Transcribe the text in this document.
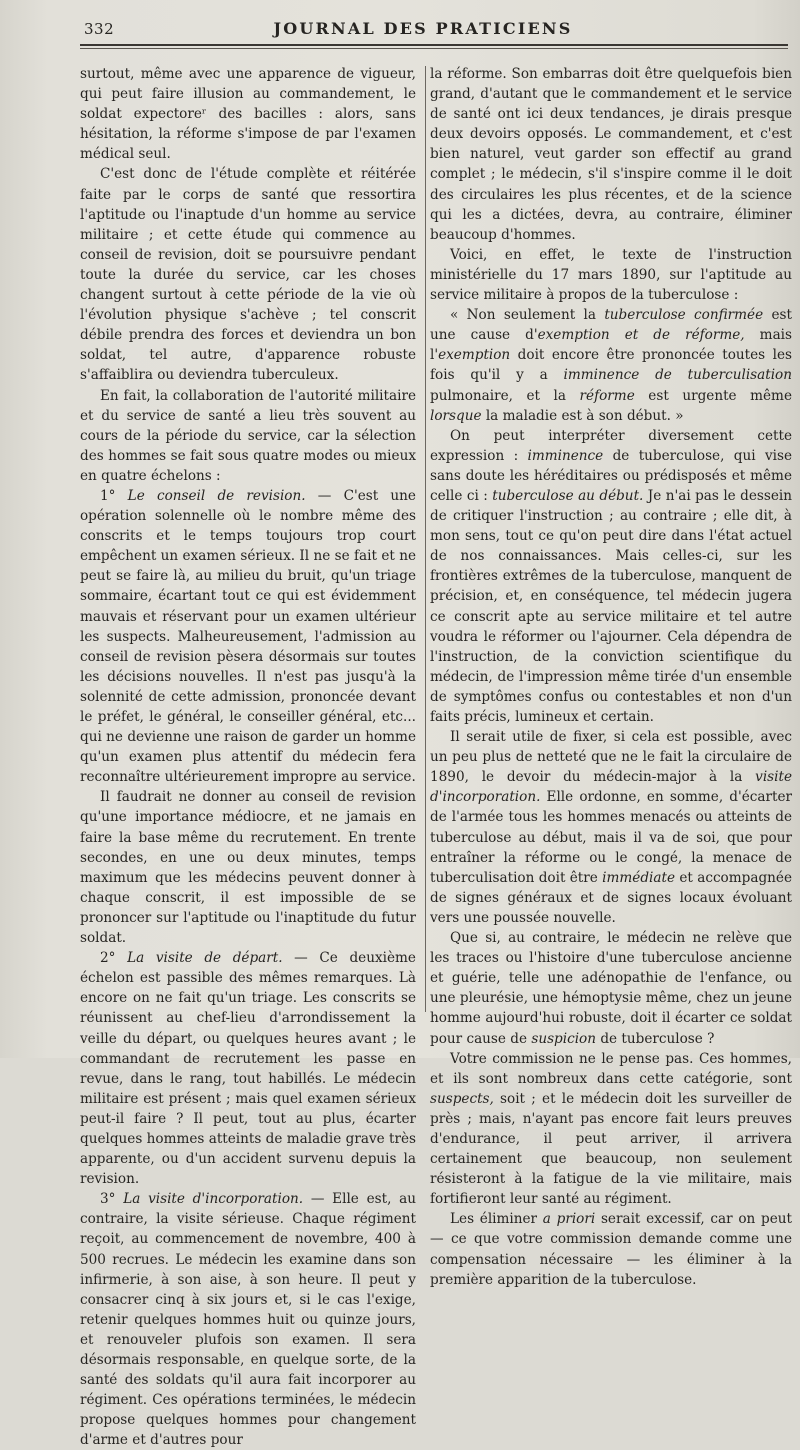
332	JOURNAL DES PRATICIENS

surtout, même avec une apparence de vigueur, qui peut faire illusion au commandement, le soldat expectoreʳ des bacilles : alors, sans hésitation, la réforme s'impose de par l'examen médical seul.

C'est donc de l'étude complète et réitérée faite par le corps de santé que ressortira l'aptitude ou l'inaptude d'un homme au service militaire ; et cette étude qui commence au conseil de revision, doit se poursuivre pendant toute la durée du service, car les choses changent surtout à cette période de la vie où l'évolution physique s'achève ; tel conscrit débile prendra des forces et deviendra un bon soldat, tel autre, d'apparence robuste s'affaiblira ou deviendra tuberculeux.

En fait, la collaboration de l'autorité militaire et du service de santé a lieu très souvent au cours de la période du service, car la sélection des hommes se fait sous quatre modes ou mieux en quatre échelons :

1° Le conseil de revision. — C'est une opération solennelle où le nombre même des conscrits et le temps toujours trop court empêchent un examen sérieux. Il ne se fait et ne peut se faire là, au milieu du bruit, qu'un triage sommaire, écartant tout ce qui est évidemment mauvais et réservant pour un examen ultérieur les suspects. Malheureusement, l'admission au conseil de revision pèsera désormais sur toutes les décisions nouvelles. Il n'est pas jusqu'à la solennité de cette admission, prononcée devant le préfet, le général, le conseiller général, etc... qui ne devienne une raison de garder un homme qu'un examen plus attentif du médecin fera reconnaître ultérieurement impropre au service.

Il faudrait ne donner au conseil de revision qu'une importance médiocre, et ne jamais en faire la base même du recrutement. En trente secondes, en une ou deux minutes, temps maximum que les médecins peuvent donner à chaque conscrit, il est impossible de se prononcer sur l'aptitude ou l'inaptitude du futur soldat.

2° La visite de départ. — Ce deuxième échelon est passible des mêmes remarques. Là encore on ne fait qu'un triage. Les conscrits se réunissent au chef-lieu d'arrondissement la veille du départ, ou quelques heures avant ; le commandant de recrutement les passe en revue, dans le rang, tout habillés. Le médecin militaire est présent ; mais quel examen sérieux peut-il faire ? Il peut, tout au plus, écarter quelques hommes atteints de maladie grave très apparente, ou d'un accident survenu depuis la revision.

3° La visite d'incorporation. — Elle est, au contraire, la visite sérieuse. Chaque régiment reçoit, au commencement de novembre, 400 à 500 recrues. Le médecin les examine dans son infirmerie, à son aise, à son heure. Il peut y consacrer cinq à six jours et, si le cas l'exige, retenir quelques hommes huit ou quinze jours, et renouveler plufois son examen. Il sera désormais responsable, en quelque sorte, de la santé des soldats qu'il aura fait incorporer au régiment. Ces opérations terminées, le médecin propose quelques hommes pour changement d'arme et d'autres pour

la réforme. Son embarras doit être quelquefois bien grand, d'autant que le commandement et le service de santé ont ici deux tendances, je dirais presque deux devoirs opposés. Le commandement, et c'est bien naturel, veut garder son effectif au grand complet ; le médecin, s'il s'inspire comme il le doit des circulaires les plus récentes, et de la science qui les a dictées, devra, au contraire, éliminer beaucoup d'hommes.

Voici, en effet, le texte de l'instruction ministérielle du 17 mars 1890, sur l'aptitude au service militaire à propos de la tuberculose :

« Non seulement la tuberculose confirmée est une cause d'exemption et de réforme, mais l'exemption doit encore être prononcée toutes les fois qu'il y a imminence de tuberculisation pulmonaire, et la réforme est urgente même lorsque la maladie est à son début. »

On peut interpréter diversement cette expression : imminence de tuberculose, qui vise sans doute les héréditaires ou prédisposés et même celle ci : tuberculose au début. Je n'ai pas le dessein de critiquer l'instruction ; au contraire ; elle dit, à mon sens, tout ce qu'on peut dire dans l'état actuel de nos connaissances. Mais celles-ci, sur les frontières extrêmes de la tuberculose, manquent de précision, et, en conséquence, tel médecin jugera ce conscrit apte au service militaire et tel autre voudra le réformer ou l'ajourner. Cela dépendra de l'instruction, de la conviction scientifique du médecin, de l'impression même tirée d'un ensemble de symptômes confus ou contestables et non d'un faits précis, lumineux et certain.

Il serait utile de fixer, si cela est possible, avec un peu plus de netteté que ne le fait la circulaire de 1890, le devoir du médecin-major à la visite d'incorporation. Elle ordonne, en somme, d'écarter de l'armée tous les hommes menacés ou atteints de tuberculose au début, mais il va de soi, que pour entraîner la réforme ou le congé, la menace de tuberculisation doit être immédiate et accompagnée de signes généraux et de signes locaux évoluant vers une poussée nouvelle.

Que si, au contraire, le médecin ne relève que les traces ou l'histoire d'une tuberculose ancienne et guérie, telle une adénopathie de l'enfance, ou une pleurésie, une hémoptysie même, chez un jeune homme aujourd'hui robuste, doit il écarter ce soldat pour cause de suspicion de tuberculose ?

Votre commission ne le pense pas. Ces hommes, et ils sont nombreux dans cette catégorie, sont suspects, soit ; et le médecin doit les surveiller de près ; mais, n'ayant pas encore fait leurs preuves d'endurance, il peut arriver, il arrivera certainement que beaucoup, non seulement résisteront à la fatigue de la vie militaire, mais fortifieront leur santé au régiment.

Les éliminer a priori serait excessif, car on peut — ce que votre commission demande comme une compensation nécessaire — les éliminer à la première apparition de la tuberculose.
